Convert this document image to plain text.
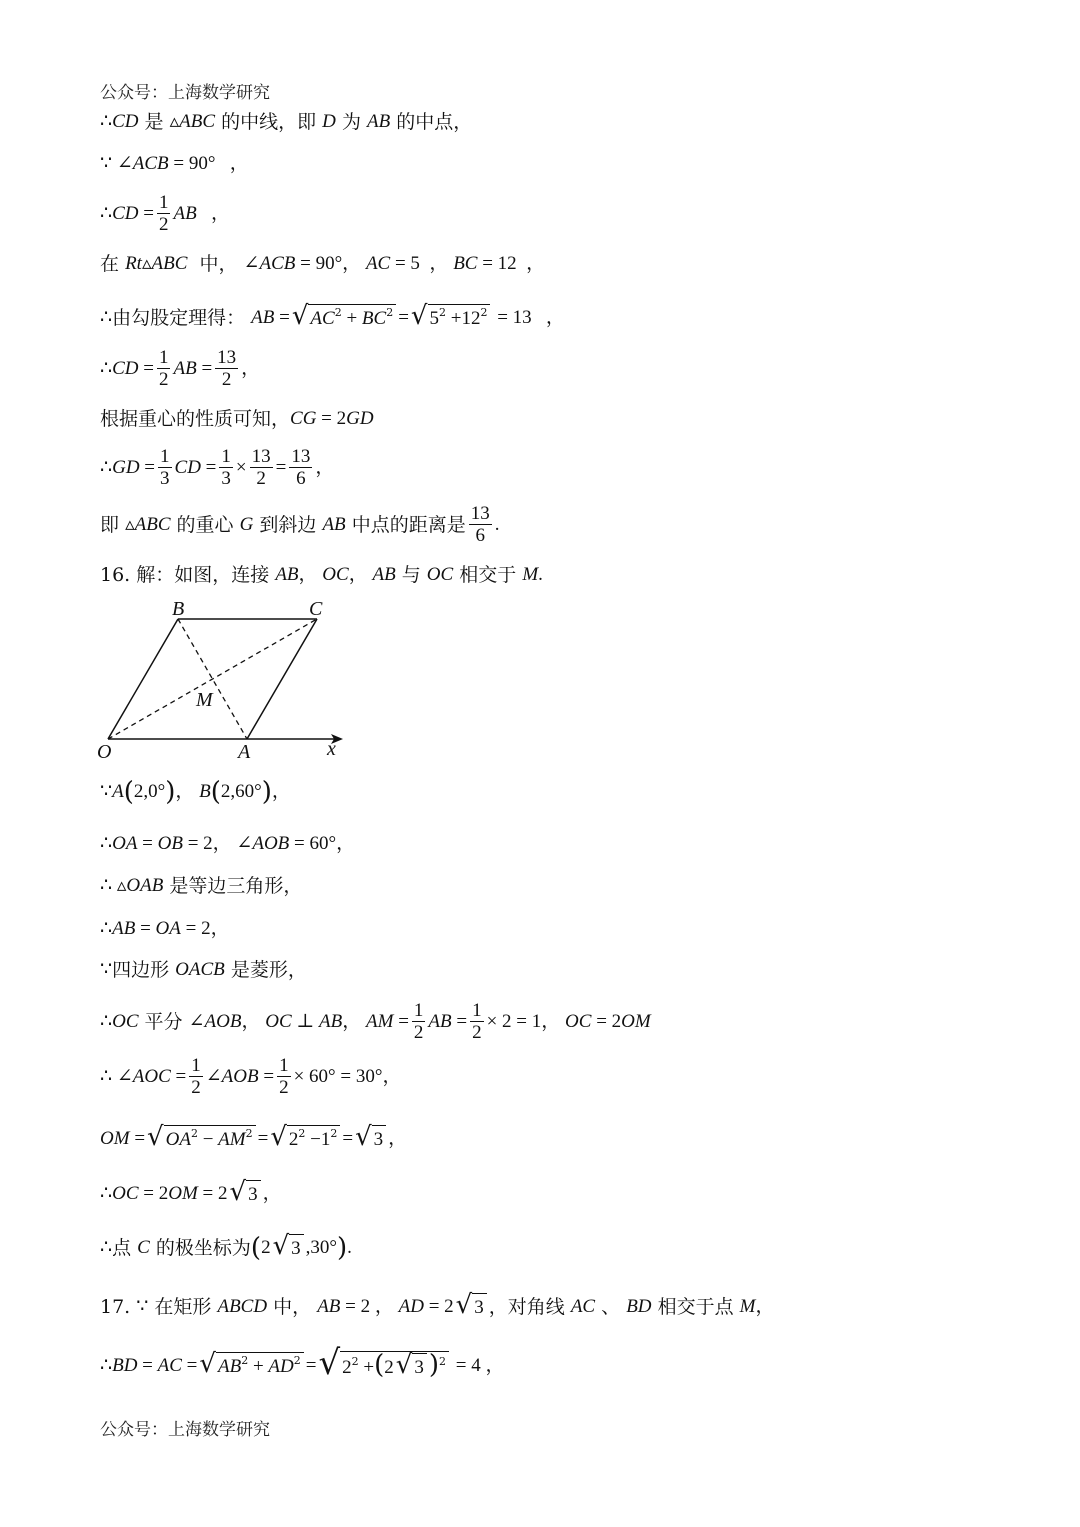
公众号：上海数学研究
∴ CD
是
▵ ABC
的中线，即
D
为
AB
的中点，
∵ ∠ ACB = 90°   ，
∴ CD = $\frac{1}{2}$ AB ，
在
Rt ▵ ABC
中，
∠ ACB = 90°， AC = 5  ， BC = 12  ，
∴ 由勾股定理得：
AB = √ $AC^2 + BC^2$ = √ $5^2 +12^2 = 13$   ，
∴ CD = $\frac{1}{2}$ AB = $\frac{13}{2}$ ，
根据重心的性质可知， CG = 2 GD
∴ GD = $\frac{1}{3}$ CD = $\frac{1}{3} \times \frac{13}{2} = \frac{13}{6}$ ，
即
▵ ABC
的重心
G
到斜边
AB
中点的距离是 13
6
.
16. 解：如图，连接
AB ， OC ， AB
与
OC
相交于
M .
B	C
M
O	A	x
∵ A ( 2,0° ) ， B ( 2,60° ) ，
∴ OA = OB = 2， ∠ AOB = 60°，
∴ ▵ OAB
是等边三角形，
∴ AB = OA = 2，
∵ 四边形
OACB
是菱形，
∴ OC
平分
∠ AOB ， OC ⊥ AB ， AM = $\frac{1}{2}$ AB = $\frac{1}{2} \times 2 = 1$， OC = 2 OM
∴ ∠ AOC = $\frac{1}{2}$ ∠ AOB = $\frac{1}{2} \times 60^\circ = 30^\circ$，
OM = √ $OA^2 - AM^2$ = √ $2^2 -1^2$ = √ 3 ，
∴ OC = 2 OM = 2 √ 3 ，
∴ 点
C
的极坐标为 ( 2 √ 3 ,30° ) .
17.
∵
在矩形
ABCD
中，
AB = 2 ， AD = 2 √ 3 ，对角线
AC
、
BD
相交于点
M ，
∴ BD = AC = √ $AB^2 + AD^2$ = √ $2^2 +(2$ √ 3 )$^2$ = 4 ，
公众号：上海数学研究
